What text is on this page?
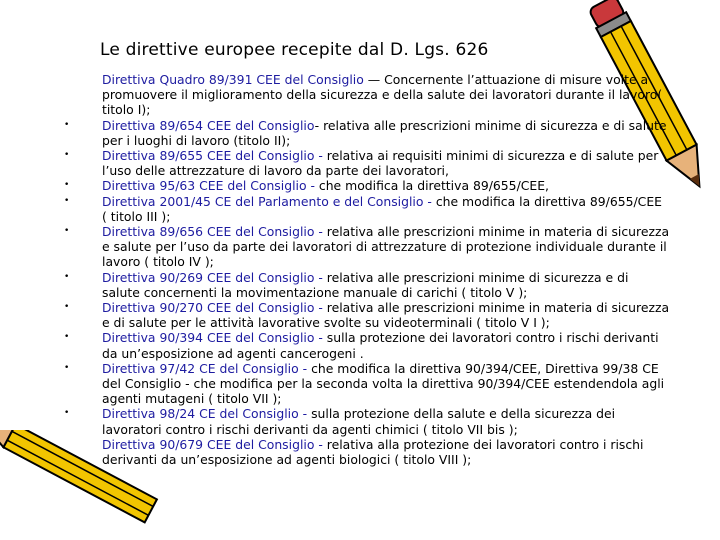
Le direttive europee recepite dal D. Lgs. 626
Direttiva Quadro 89/391 CEE del Consiglio — Concernente l’attuazione di misure volte a promuovere il miglioramento della sicurezza e della salute dei lavoratori durante il lavoro( titolo I);
•	Direttiva 89/654 CEE del Consiglio- relativa alle prescrizioni minime di sicurezza e di salute per i luoghi di lavoro (titolo II);
•	Direttiva 89/655 CEE del Consiglio - relativa ai requisiti minimi di sicurezza e di salute per l’uso delle attrezzature di lavoro da parte dei lavoratori,
•	Direttiva 95/63 CEE del Consiglio - che modifica la direttiva 89/655/CEE,
•	Direttiva 2001/45 CE del Parlamento e del Consiglio - che modifica la direttiva 89/655/CEE ( titolo III );
•	Direttiva 89/656 CEE del Consiglio - relativa alle prescrizioni minime in materia di sicurezza e salute per l’uso da parte dei lavoratori di attrezzature di protezione individuale durante il lavoro ( titolo IV );
•	Direttiva 90/269 CEE del Consiglio - relativa alle prescrizioni minime di sicurezza e di salute concernenti la movimentazione manuale di carichi ( titolo V );
•	Direttiva 90/270 CEE del Consiglio - relativa alle prescrizioni minime in materia di sicurezza e di salute per le attività lavorative svolte su videoterminali ( titolo V I );
•	Direttiva 90/394 CEE del Consiglio - sulla protezione dei lavoratori contro i rischi derivanti da un’esposizione ad agenti cancerogeni .
•	Direttiva 97/42 CE del Consiglio - che modifica la direttiva 90/394/CEE, Direttiva 99/38 CE del Consiglio - che modifica per la seconda volta la direttiva 90/394/CEE estendendola agli agenti mutageni ( titolo VII );
•	Direttiva 98/24 CE del Consiglio - sulla protezione della salute e della sicurezza dei lavoratori contro i rischi derivanti da agenti chimici ( titolo VII bis );
Direttiva 90/679 CEE del Consiglio - relativa alla protezione dei lavoratori contro i rischi derivanti da un’esposizione ad agenti biologici ( titolo VIII );
